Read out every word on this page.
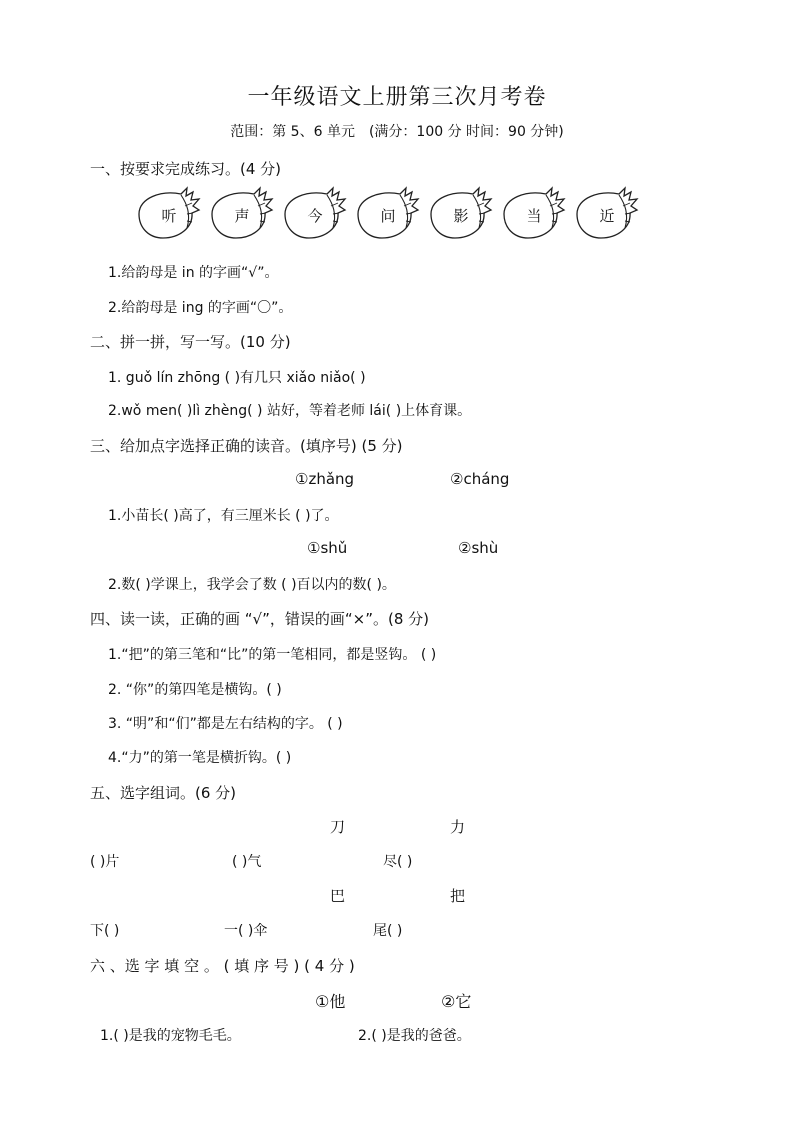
一年级语文上册第三次月考卷
范围：第 5、6 单元　(满分：100 分 时间：90 分钟)
一、按要求完成练习。(4 分)
听	声	今	问	影	当	近
1.给韵母是 in 的字画“√”。
2.给韵母是 ing 的字画“〇”。
二、拼一拼，写一写。(10 分)
1. guǒ lín zhōng ( )有几只 xiǎo niǎo( )
2.wǒ men( )lì zhèng( ) 站好，等着老师 lái( )上体育课。
三、给加点字选择正确的读音。(填序号) (5 分)
①zhǎng	②cháng
1.小苗长( )高了，有三厘米长 ( )了。
①shǔ	②shù
2.数( )学课上，我学会了数 ( )百以内的数( )。
四、读一读，正确的画 “√”，错误的画“×”。(8 分)
1.“把”的第三笔和“比”的第一笔相同，都是竖钩。 ( )
2. “你”的第四笔是横钩。( )
3. “明”和“们”都是左右结构的字。 ( )
4.“力”的第一笔是横折钩。( )
五、选字组词。(6 分)
刀	力
( )片	( )气	尽( )
巴	把
下( )	一( )伞	尾( )
六 、选 字 填 空 。 ( 填 序 号 ) ( 4 分 )
①他	②它
1.( )是我的宠物毛毛。	2.( )是我的爸爸。
